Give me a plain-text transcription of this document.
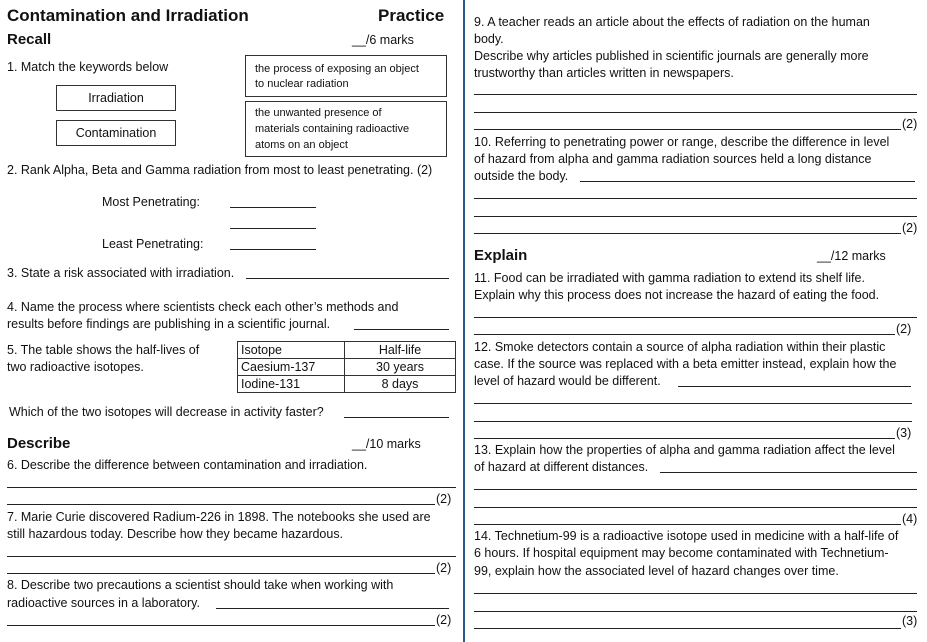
Contamination and Irradiation	Practice
Recall	__/6 marks
1. Match the keywords below
Irradiation
Contamination
the process of exposing an object
to nuclear radiation
the unwanted presence of
materials containing radioactive
atoms on an object
2. Rank Alpha, Beta and Gamma radiation from most to least penetrating. (2)
Most Penetrating:
Least Penetrating:
3. State a risk associated with irradiation.
4. Name the process where scientists check each other’s methods and
results before findings are publishing in a scientific journal.
5. The table shows the half-lives of
two radioactive isotopes.
Isotope	Half-life
Caesium-137	30 years
Iodine-131	8 days
Which of the two isotopes will decrease in activity faster?
Describe	__/10 marks
6. Describe the difference between contamination and irradiation.
(2)
7. Marie Curie discovered Radium-226 in 1898. The notebooks she used are
still hazardous today. Describe how they became hazardous.
(2)
8. Describe two precautions a scientist should take when working with
radioactive sources in a laboratory.
(2)
9. A teacher reads an article about the effects of radiation on the human
body.
Describe why articles published in scientific journals are generally more
trustworthy than articles written in newspapers.
(2)
10. Referring to penetrating power or range, describe the difference in level
of hazard from alpha and gamma radiation sources held a long distance
outside the body.
(2)
Explain	__/12 marks
11. Food can be irradiated with gamma radiation to extend its shelf life.
Explain why this process does not increase the hazard of eating the food.
(2)
12. Smoke detectors contain a source of alpha radiation within their plastic
case. If the source was replaced with a beta emitter instead, explain how the
level of hazard would be different.
(3)
13. Explain how the properties of alpha and gamma radiation affect the level
of hazard at different distances.
(4)
14. Technetium-99 is a radioactive isotope used in medicine with a half-life of
6 hours. If hospital equipment may become contaminated with Technetium-
99, explain how the associated level of hazard changes over time.
(3)
